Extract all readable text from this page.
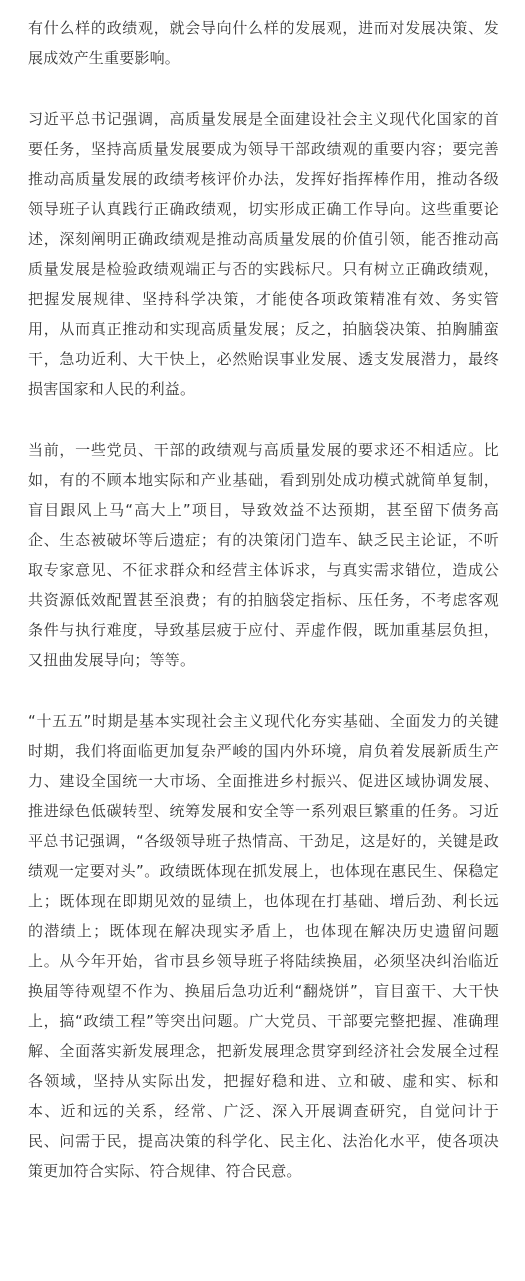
有什么样的政绩观，就会导向什么样的发展观，进而对发展决策、发展成效产生重要影响。

习近平总书记强调，高质量发展是全面建设社会主义现代化国家的首要任务，坚持高质量发展要成为领导干部政绩观的重要内容；要完善推动高质量发展的政绩考核评价办法，发挥好指挥棒作用，推动各级领导班子认真践行正确政绩观，切实形成正确工作导向。这些重要论述，深刻阐明正确政绩观是推动高质量发展的价值引领，能否推动高质量发展是检验政绩观端正与否的实践标尺。只有树立正确政绩观，把握发展规律、坚持科学决策，才能使各项政策精准有效、务实管用，从而真正推动和实现高质量发展；反之，拍脑袋决策、拍胸脯蛮干，急功近利、大干快上，必然贻误事业发展、透支发展潜力，最终损害国家和人民的利益。

当前，一些党员、干部的政绩观与高质量发展的要求还不相适应。比如，有的不顾本地实际和产业基础，看到别处成功模式就简单复制，盲目跟风上马“高大上”项目，导致效益不达预期，甚至留下债务高企、生态被破坏等后遗症；有的决策闭门造车、缺乏民主论证，不听取专家意见、不征求群众和经营主体诉求，与真实需求错位，造成公共资源低效配置甚至浪费；有的拍脑袋定指标、压任务，不考虑客观条件与执行难度，导致基层疲于应付、弄虚作假，既加重基层负担，又扭曲发展导向；等等。

“十五五”时期是基本实现社会主义现代化夯实基础、全面发力的关键时期，我们将面临更加复杂严峻的国内外环境，肩负着发展新质生产力、建设全国统一大市场、全面推进乡村振兴、促进区域协调发展、推进绿色低碳转型、统筹发展和安全等一系列艰巨繁重的任务。习近平总书记强调，“各级领导班子热情高、干劲足，这是好的，关键是政绩观一定要对头”。政绩既体现在抓发展上，也体现在惠民生、保稳定上；既体现在即期见效的显绩上，也体现在打基础、增后劲、利长远的潜绩上；既体现在解决现实矛盾上，也体现在解决历史遗留问题上。从今年开始，省市县乡领导班子将陆续换届，必须坚决纠治临近换届等待观望不作为、换届后急功近利“翻烧饼”，盲目蛮干、大干快上，搞“政绩工程”等突出问题。广大党员、干部要完整把握、准确理解、全面落实新发展理念，把新发展理念贯穿到经济社会发展全过程各领域，坚持从实际出发，把握好稳和进、立和破、虚和实、标和本、近和远的关系，经常、广泛、深入开展调查研究，自觉问计于民、问需于民，提高决策的科学化、民主化、法治化水平，使各项决策更加符合实际、符合规律、符合民意。
